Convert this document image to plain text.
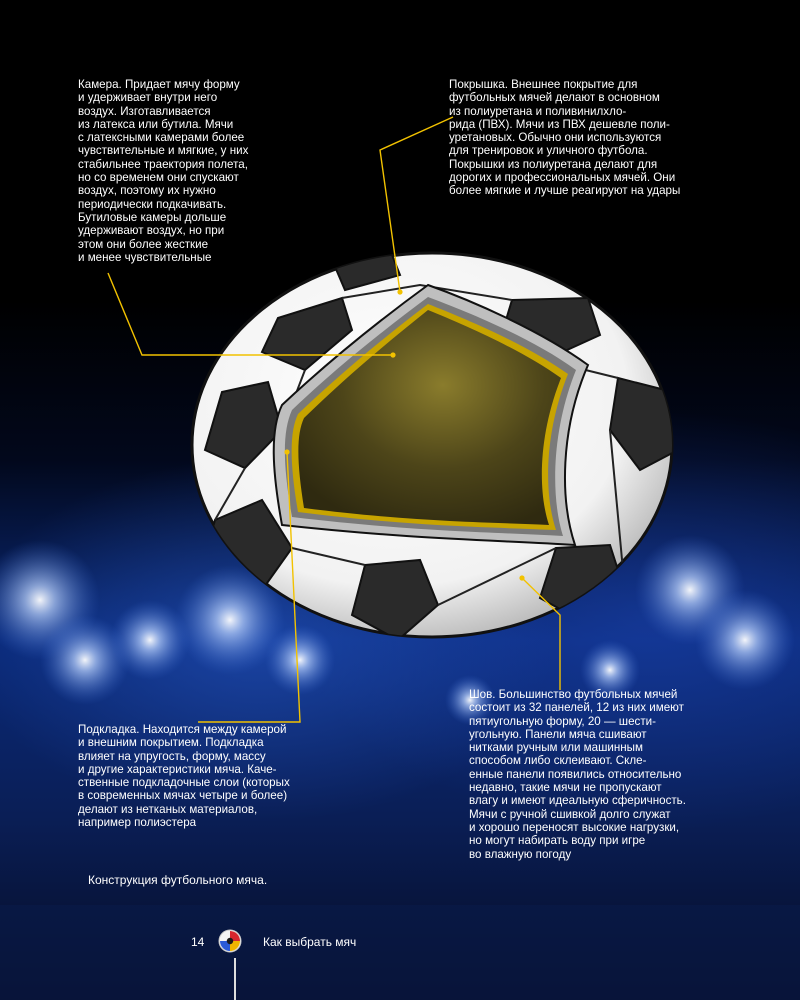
Камера. Придает мячу форму

и удерживает внутри него

воздух. Изготавливается

из латекса или бутила. Мячи

с латексными камерами более

чувствительные и мягкие, у них

стабильнее траектория полета,

но со временем они спускают

воздух, поэтому их нужно

периодически подкачивать.

Бутиловые камеры дольше

удерживают воздух, но при

этом они более жесткие

и менее чувствительные

Покрышка. Внешнее покрытие для

футбольных мячей делают в основном

из полиуретана и поливинилхло-

рида (ПВХ). Мячи из ПВХ дешевле поли-

уретановых. Обычно они используются

для тренировок и уличного футбола.

Покрышки из полиуретана делают для

дорогих и профессиональных мячей. Они

более мягкие и лучше реагируют на удары

Подкладка. Находится между камерой

и внешним покрытием. Подкладка

влияет на упругость, форму, массу

и другие характеристики мяча. Каче-

ственные подкладочные слои (которых

в современных мячах четыре и более)

делают из нетканых материалов,

например полиэстера

Шов. Большинство футбольных мячей

состоит из 32 панелей, 12 из них имеют

пятиугольную форму, 20 — шести-

угольную. Панели мяча сшивают

нитками ручным или машинным

способом либо склеивают. Скле-

енные панели появились относительно

недавно, такие мячи не пропускают

влагу и имеют идеальную сферичность.

Мячи с ручной сшивкой долго служат

и хорошо переносят высокие нагрузки,

но могут набирать воду при игре

во влажную погоду

Конструкция футбольного мяча.
14	Как выбрать мяч
